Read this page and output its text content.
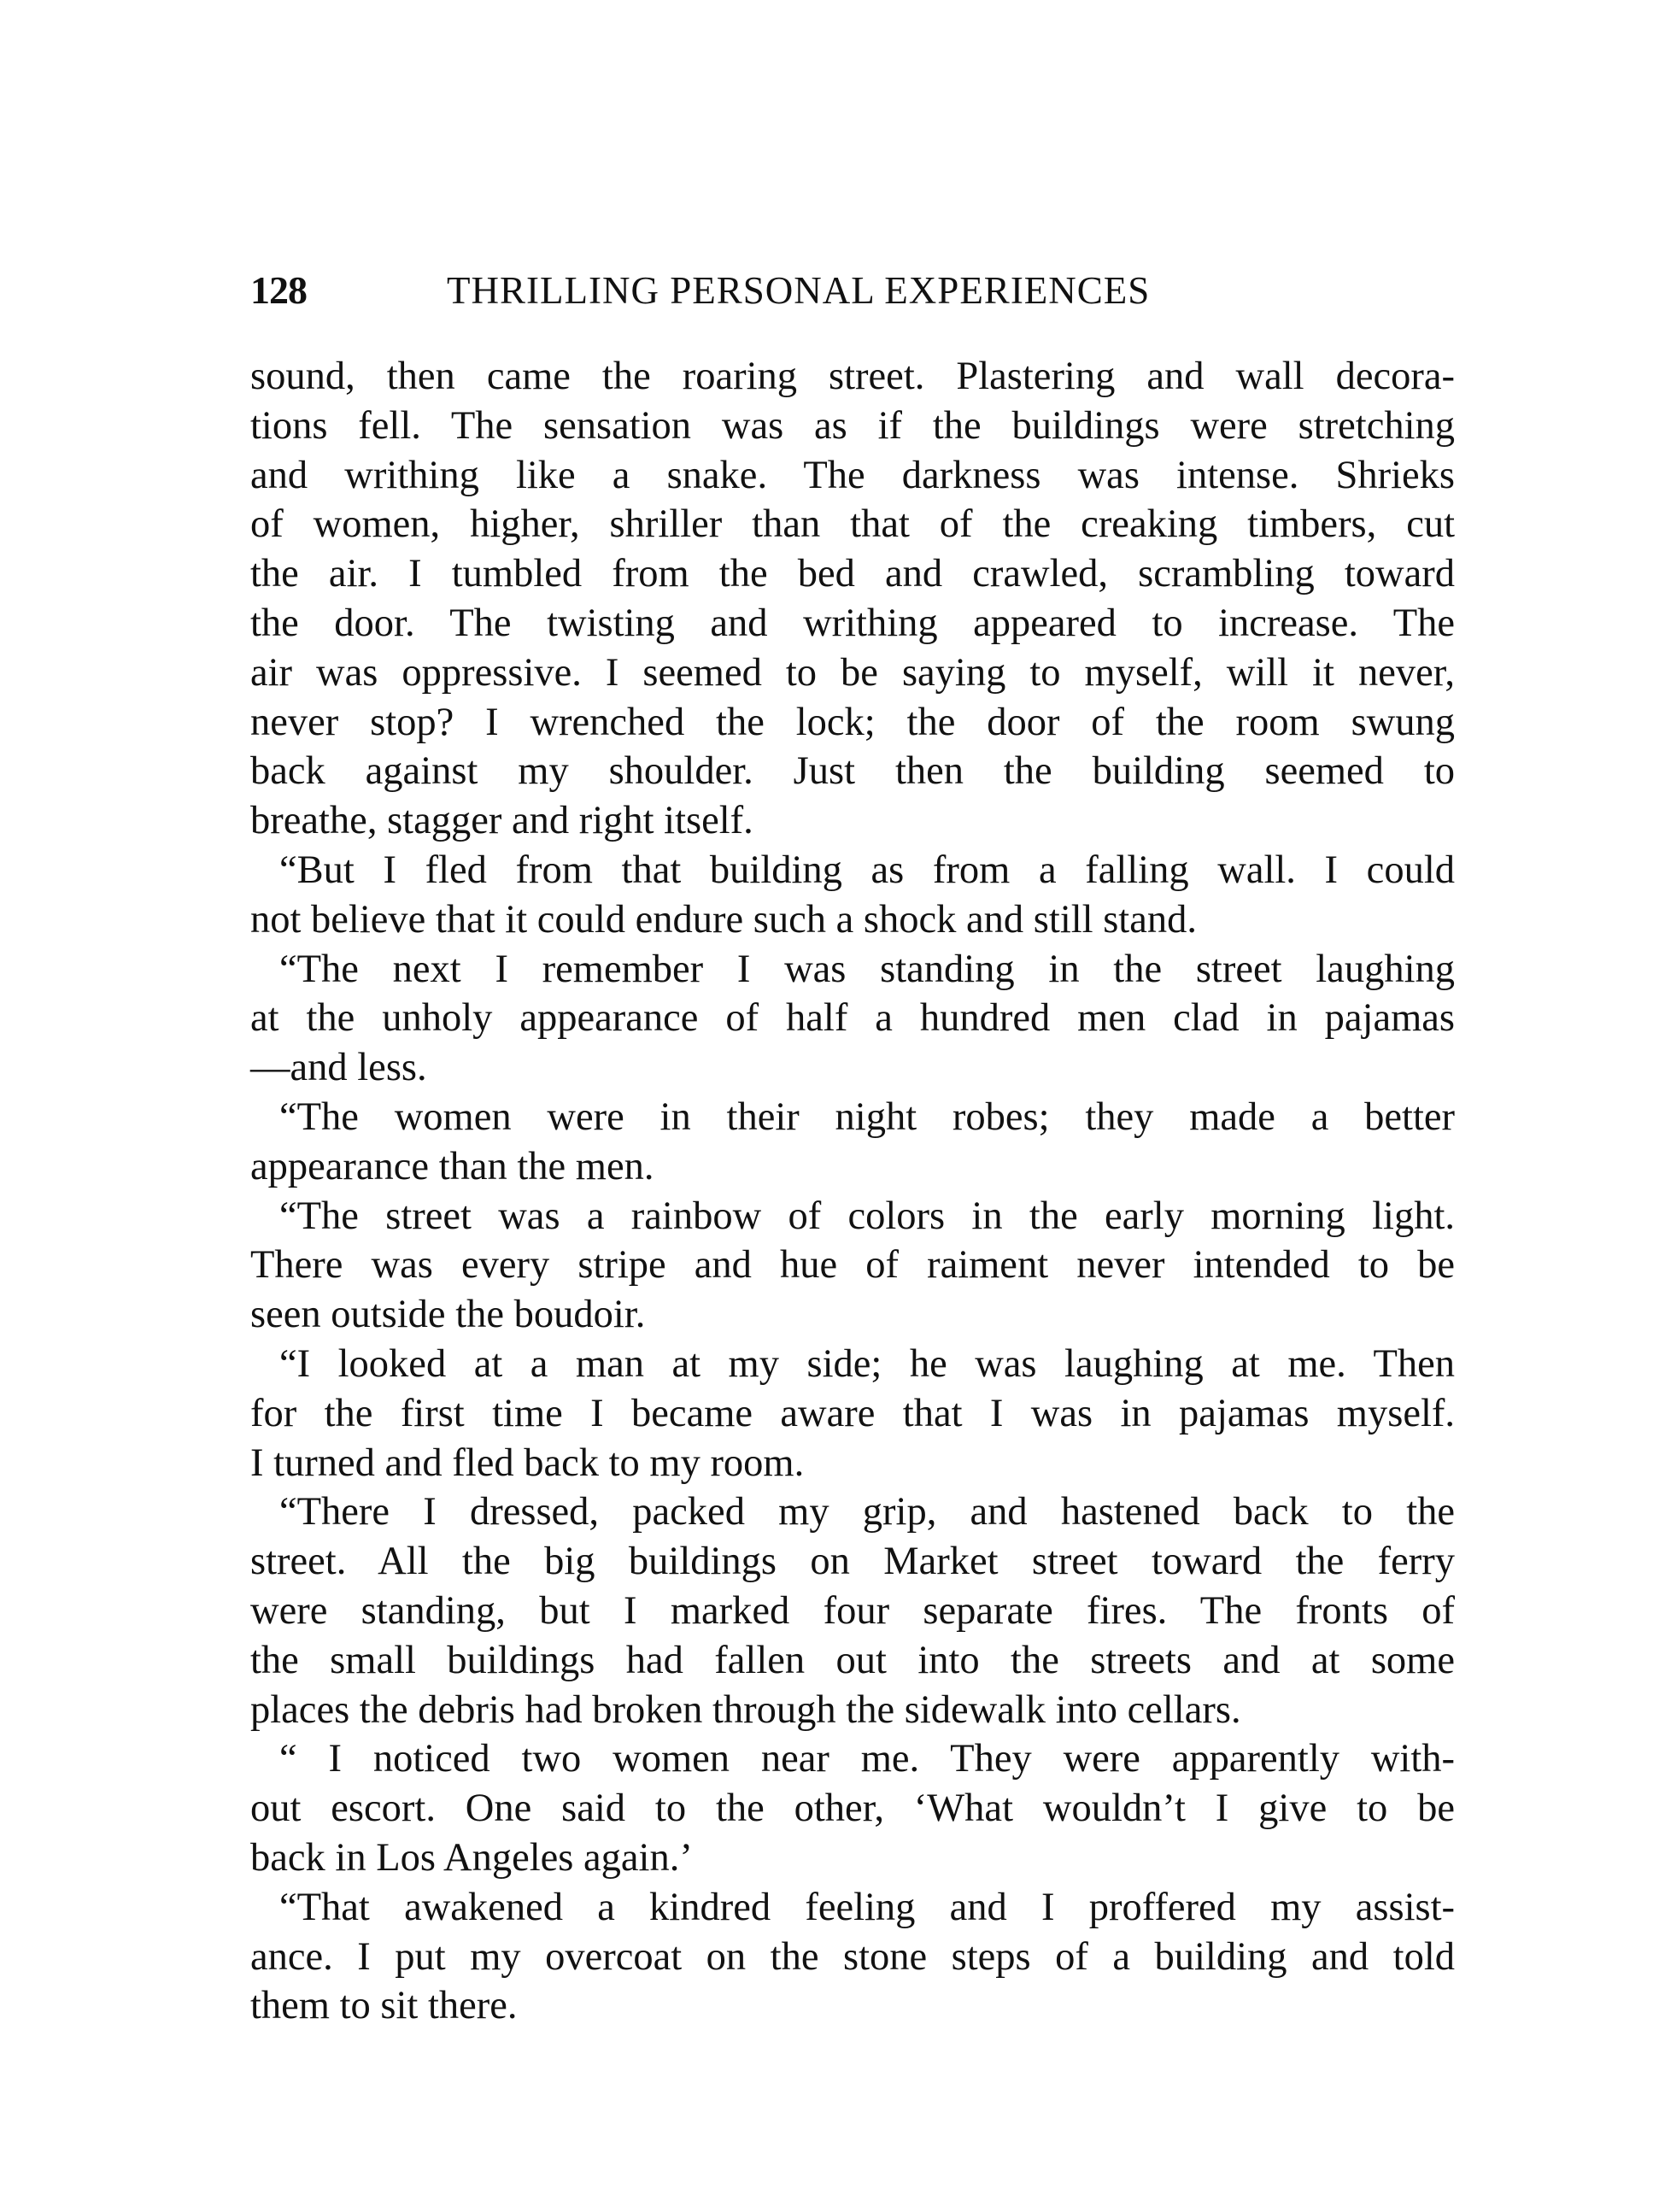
128	THRILLING PERSONAL EXPERIENCES
sound, then came the roaring street. Plastering and wall decora-
tions fell. The sensation was as if the buildings were stretching
and writhing like a snake. The darkness was intense. Shrieks
of women, higher, shriller than that of the creaking timbers, cut
the air. I tumbled from the bed and crawled, scrambling toward
the door. The twisting and writhing appeared to increase. The
air was oppressive. I seemed to be saying to myself, will it never,
never stop? I wrenched the lock; the door of the room swung
back against my shoulder. Just then the building seemed to
breathe, stagger and right itself.
“But I fled from that building as from a falling wall. I could
not believe that it could endure such a shock and still stand.
“The next I remember I was standing in the street laughing
at the unholy appearance of half a hundred men clad in pajamas
—and less.
“The women were in their night robes; they made a better
appearance than the men.
“The street was a rainbow of colors in the early morning light.
There was every stripe and hue of raiment never intended to be
seen outside the boudoir.
“I looked at a man at my side; he was laughing at me. Then
for the first time I became aware that I was in pajamas myself.
I turned and fled back to my room.
“There I dressed, packed my grip, and hastened back to the
street. All the big buildings on Market street toward the ferry
were standing, but I marked four separate fires. The fronts of
the small buildings had fallen out into the streets and at some
places the debris had broken through the sidewalk into cellars.
“ I noticed two women near me. They were apparently with-
out escort. One said to the other, ‘What wouldn’t I give to be
back in Los Angeles again.’
“That awakened a kindred feeling and I proffered my assist-
ance. I put my overcoat on the stone steps of a building and told
them to sit there.
